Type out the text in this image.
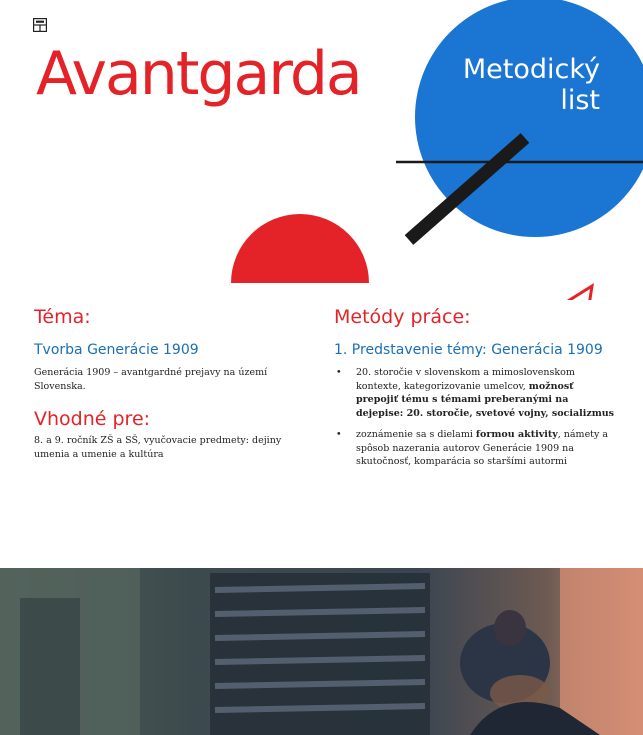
Avantgarda	Metodický
list
Téma:
Tvorba Generácie 1909

Generácia 1909 – avantgardné prejavy na území Slovenska.

Vhodné pre:

8. a 9. ročník ZŠ a SŠ, vyučovacie predmety: dejiny umenia a umenie a kultúra

Metódy práce:
1. Predstavenie témy: Generácia 1909
• 20. storočie v slovenskom a mimoslovenskom kontexte, kategorizovanie umelcov, možnosť prepojiť tému s témami preberanými na dejepise: 20. storočie, svetové vojny, socializmus
• zoznámenie sa s dielami formou aktivity, námety a spôsob nazerania autorov Generácie 1909 na skutočnosť, komparácia so staršími autormi
